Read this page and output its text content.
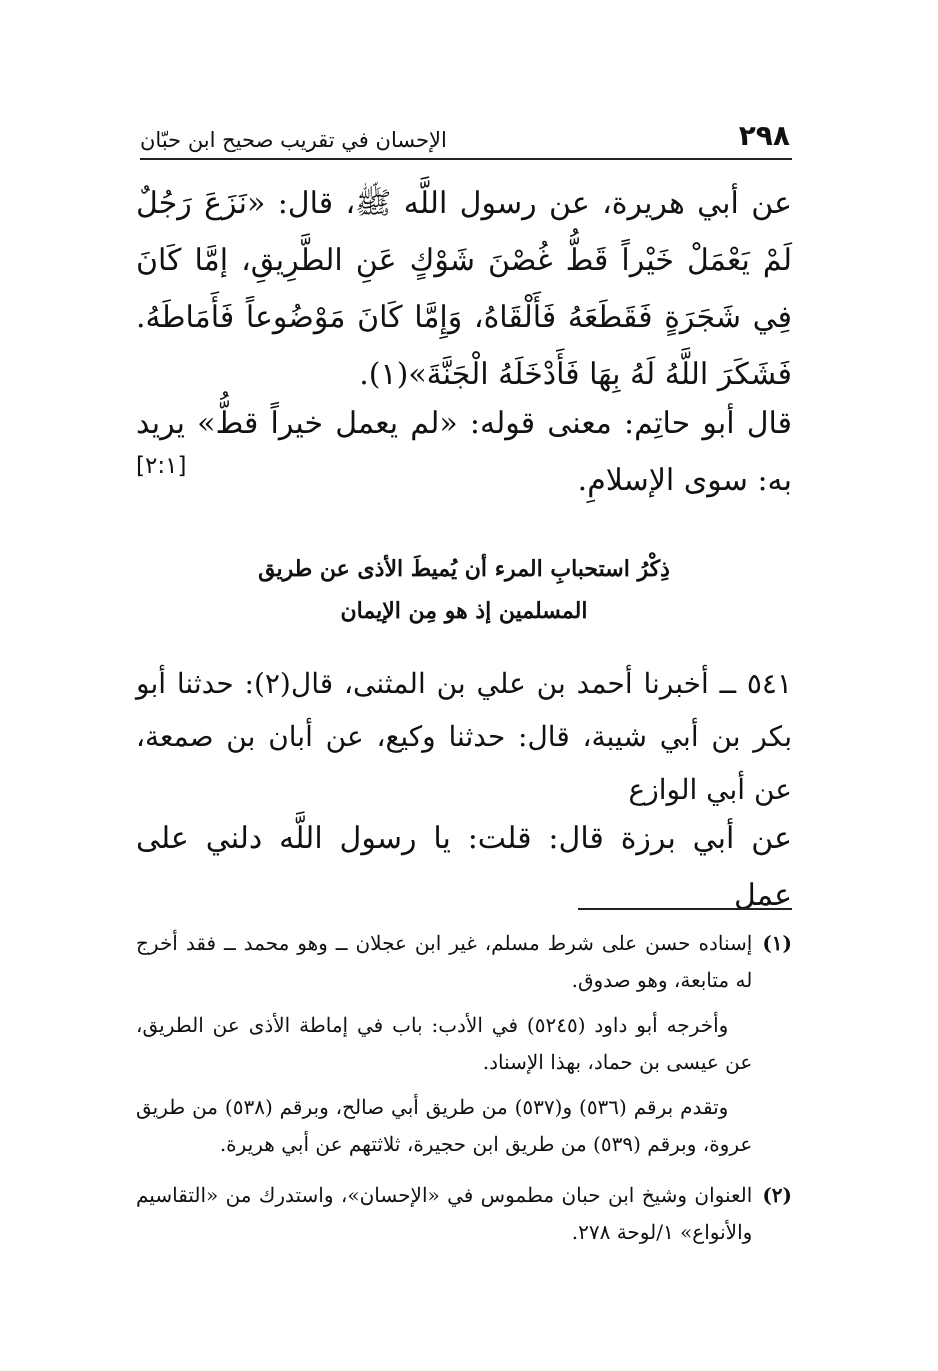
٢٩٨
الإحسان في تقريب صحيح ابن حبّان
عن أبي هريرة، عن رسول اللَّه ﷺ، قال: «نَزَعَ رَجُلٌ لَمْ يَعْمَلْ خَيْراً قَطُّ غُصْنَ شَوْكٍ عَنِ الطَّرِيقِ، إمَّا كَانَ فِي شَجَرَةٍ فَقَطَعَهُ فَأَلْقَاهُ، وَإِمَّا كَانَ مَوْضُوعاً فَأَمَاطَهُ. فَشَكَرَ اللَّهُ لَهُ بِهَا فَأَدْخَلَهُ الْجَنَّةَ»(١).
قال أبو حاتِم: معنى قوله: «لم يعمل خيراً قطُّ» يريد به: سوى الإسلامِ.
[٢:١]
ذِكْرُ استحبابِ المرء أن يُميطَ الأذى عن طريق
المسلمين إذ هو مِن الإيمان
٥٤١ ــ أخبرنا أحمد بن علي بن المثنى، قال(٢): حدثنا أبو بكر بن أبي شيبة، قال: حدثنا وكيع، عن أبان بن صمعة، عن أبي الوازع
عن أبي برزة قال: قلت: يا رسول اللَّه دلني على عمل
(١)

إسناده حسن على شرط مسلم، غير ابن عجلان ــ وهو محمد ــ فقد أخرج له متابعة، وهو صدوق.

وأخرجه أبو داود (٥٢٤٥) في الأدب: باب في إماطة الأذى عن الطريق، عن عيسى بن حماد، بهذا الإسناد.

وتقدم برقم (٥٣٦) و(٥٣٧) من طريق أبي صالح، وبرقم (٥٣٨) من طريق عروة، وبرقم (٥٣٩) من طريق ابن حجيرة، ثلاثتهم عن أبي هريرة.

(٢)

العنوان وشيخ ابن حبان مطموس في «الإحسان»، واستدرك من «التقاسيم والأنواع» ١/لوحة ٢٧٨.
